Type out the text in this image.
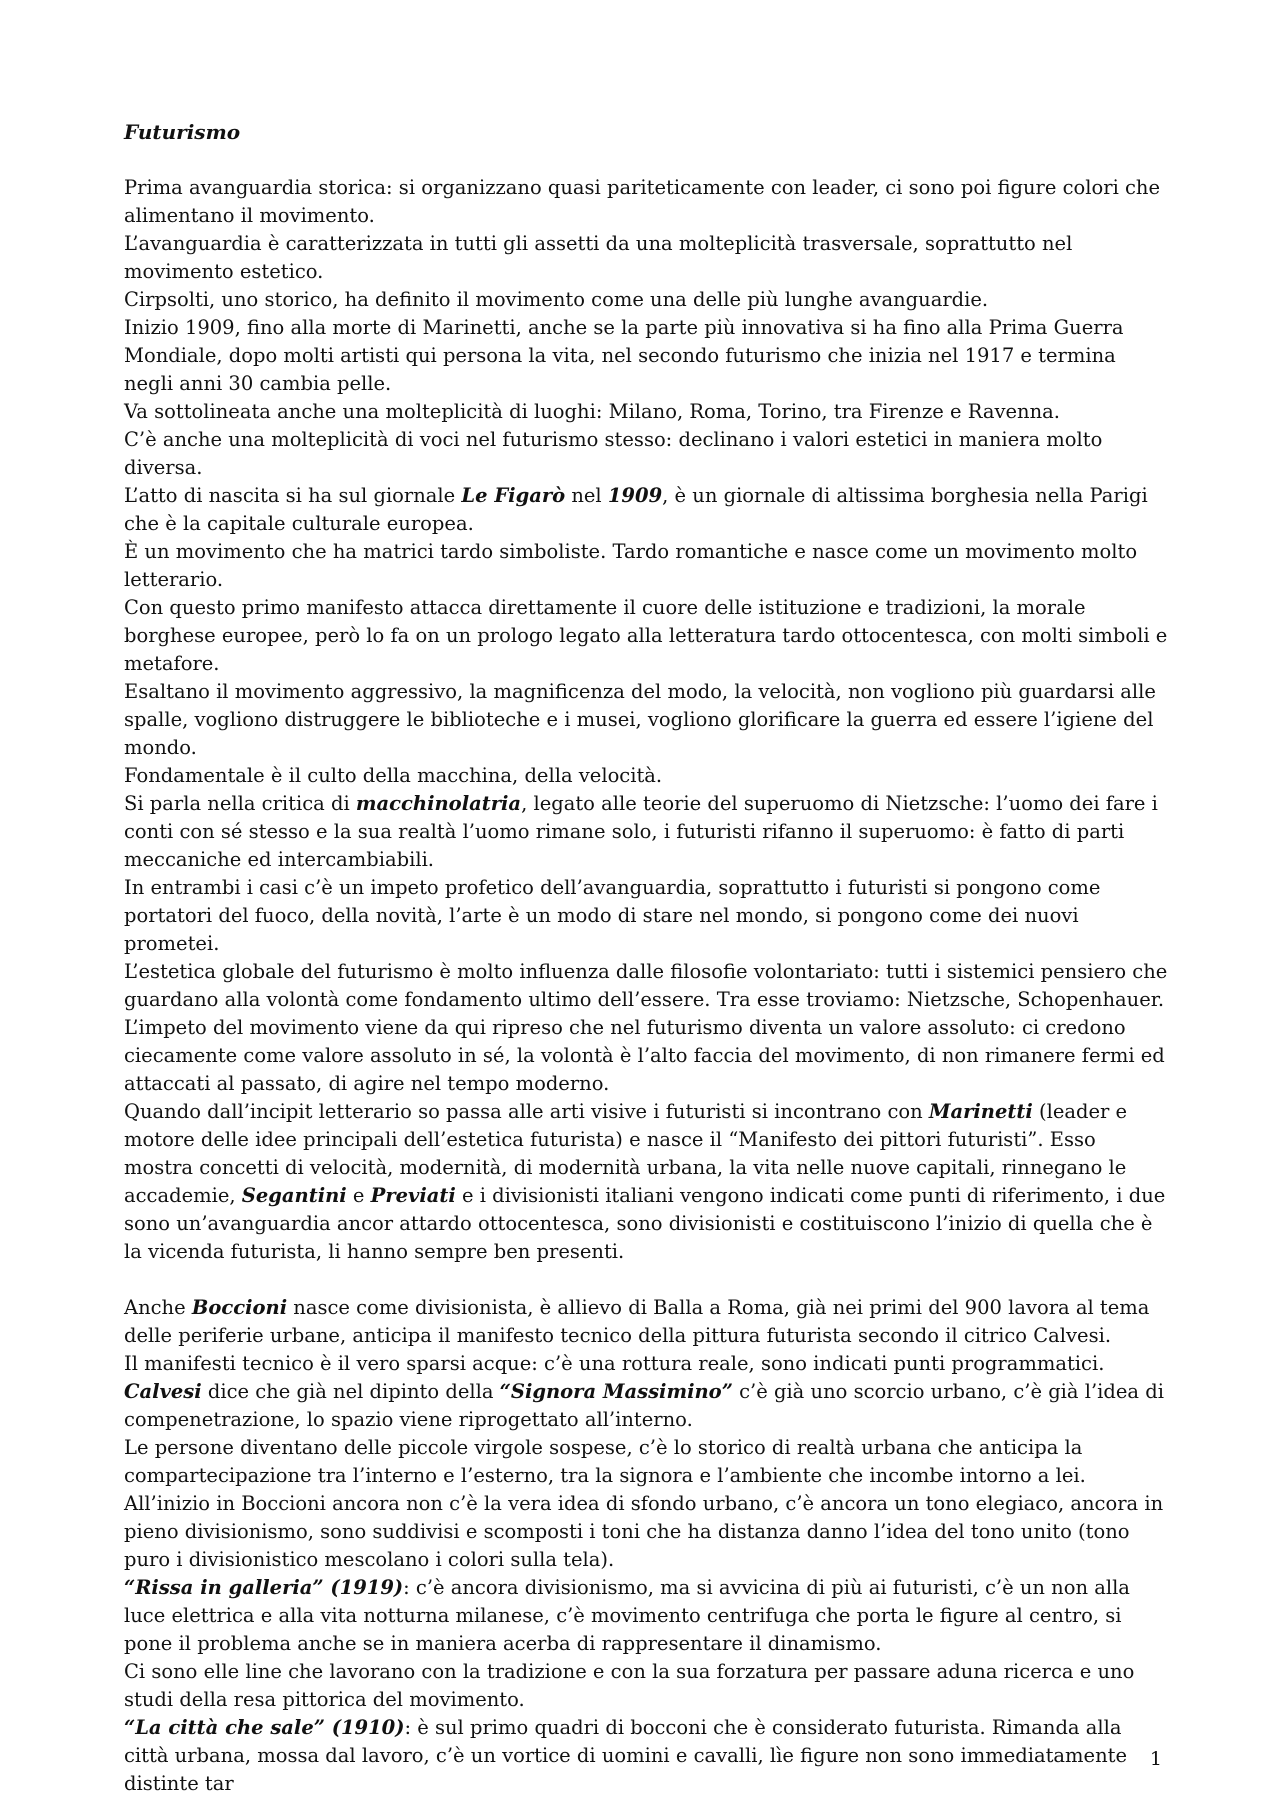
Futurismo

Prima avanguardia storica: si organizzano quasi pariteticamente con leader, ci sono poi figure colori che alimentano il movimento.

L’avanguardia è caratterizzata in tutti gli assetti da una molteplicità trasversale, soprattutto nel movimento estetico.

Cirpsolti, uno storico, ha definito il movimento come una delle più lunghe avanguardie.

Inizio 1909, fino alla morte di Marinetti, anche se la parte più innovativa si ha fino alla Prima Guerra Mondiale, dopo molti artisti qui persona la vita, nel secondo futurismo che inizia nel 1917 e termina negli anni 30 cambia pelle.

Va sottolineata anche una molteplicità di luoghi: Milano, Roma, Torino, tra Firenze e Ravenna.

C’è anche una molteplicità di voci nel futurismo stesso: declinano i valori estetici in maniera molto diversa.

L’atto di nascita si ha sul giornale Le Figarò nel 1909, è un giornale di altissima borghesia nella Parigi che è la capitale culturale europea.

È un movimento che ha matrici tardo simboliste. Tardo romantiche e nasce come un movimento molto letterario.

Con questo primo manifesto attacca direttamente il cuore delle istituzione e tradizioni, la morale borghese europee, però lo fa on un prologo legato alla letteratura tardo ottocentesca, con molti simboli e metafore.

Esaltano il movimento aggressivo, la magnificenza del modo, la velocità, non vogliono più guardarsi alle spalle, vogliono distruggere le biblioteche e i musei, vogliono glorificare la guerra ed essere l’igiene del mondo.

Fondamentale è il culto della macchina, della velocità.

Si parla nella critica di macchinolatria, legato alle teorie del superuomo di Nietzsche: l’uomo dei fare i conti con sé stesso e la sua realtà l’uomo rimane solo, i futuristi rifanno il superuomo: è fatto di parti meccaniche ed intercambiabili.

In entrambi i casi c’è un impeto profetico dell’avanguardia, soprattutto i futuristi si pongono come portatori del fuoco, della novità, l’arte è un modo di stare nel mondo, si pongono come dei nuovi prometei.

L’estetica globale del futurismo è molto influenza dalle filosofie volontariato: tutti i sistemici pensiero che guardano alla volontà come fondamento ultimo dell’essere. Tra esse troviamo: Nietzsche, Schopenhauer.

L’impeto del movimento viene da qui ripreso che nel futurismo diventa un valore assoluto: ci credono ciecamente come valore assoluto in sé, la volontà è l’alto faccia del movimento, di non rimanere fermi ed attaccati al passato, di agire nel tempo moderno.

Quando dall’incipit letterario so passa alle arti visive i futuristi si incontrano con Marinetti (leader e motore delle idee principali dell’estetica futurista) e nasce il “Manifesto dei pittori futuristi”. Esso mostra concetti di velocità, modernità, di modernità urbana, la vita nelle nuove capitali, rinnegano le accademie, Segantini e Previati e i divisionisti italiani vengono indicati come punti di riferimento, i due sono un’avanguardia ancor attardo ottocentesca, sono divisionisti e costituiscono l’inizio di quella che è la vicenda futurista, li hanno sempre ben presenti.

Anche Boccioni nasce come divisionista, è allievo di Balla a Roma, già nei primi del 900 lavora al tema delle periferie urbane, anticipa il manifesto tecnico della pittura futurista secondo il citrico Calvesi.

Il manifesti tecnico è il vero sparsi acque: c’è una rottura reale, sono indicati punti programmatici.

Calvesi dice che già nel dipinto della “Signora Massimino” c’è già uno scorcio urbano, c’è già l’idea di compenetrazione, lo spazio viene riprogettato all’interno.

Le persone diventano delle piccole virgole sospese, c’è lo storico di realtà urbana che anticipa la compartecipazione tra l’interno e l’esterno, tra la signora e l’ambiente che incombe intorno a lei.

All’inizio in Boccioni ancora non c’è la vera idea di sfondo urbano, c’è ancora un tono elegiaco, ancora in pieno divisionismo, sono suddivisi e scomposti i toni che ha distanza danno l’idea del tono unito (tono puro i divisionistico mescolano i colori sulla tela).

“Rissa in galleria” (1919): c’è ancora divisionismo, ma si avvicina di più ai futuristi, c’è un non alla luce elettrica e alla vita notturna milanese, c’è movimento centrifuga che porta le figure al centro, si pone il problema anche se in maniera acerba di rappresentare il dinamismo.

Ci sono elle line che lavorano con la tradizione e con la sua forzatura per passare aduna ricerca e uno studi della resa pittorica del movimento.

“La città che sale” (1910): è sul primo quadri di bocconi che è considerato futurista. Rimanda alla città urbana, mossa dal lavoro, c’è un vortice di uomini e cavalli, lìe figure non sono immediatamente distinte tar

1
